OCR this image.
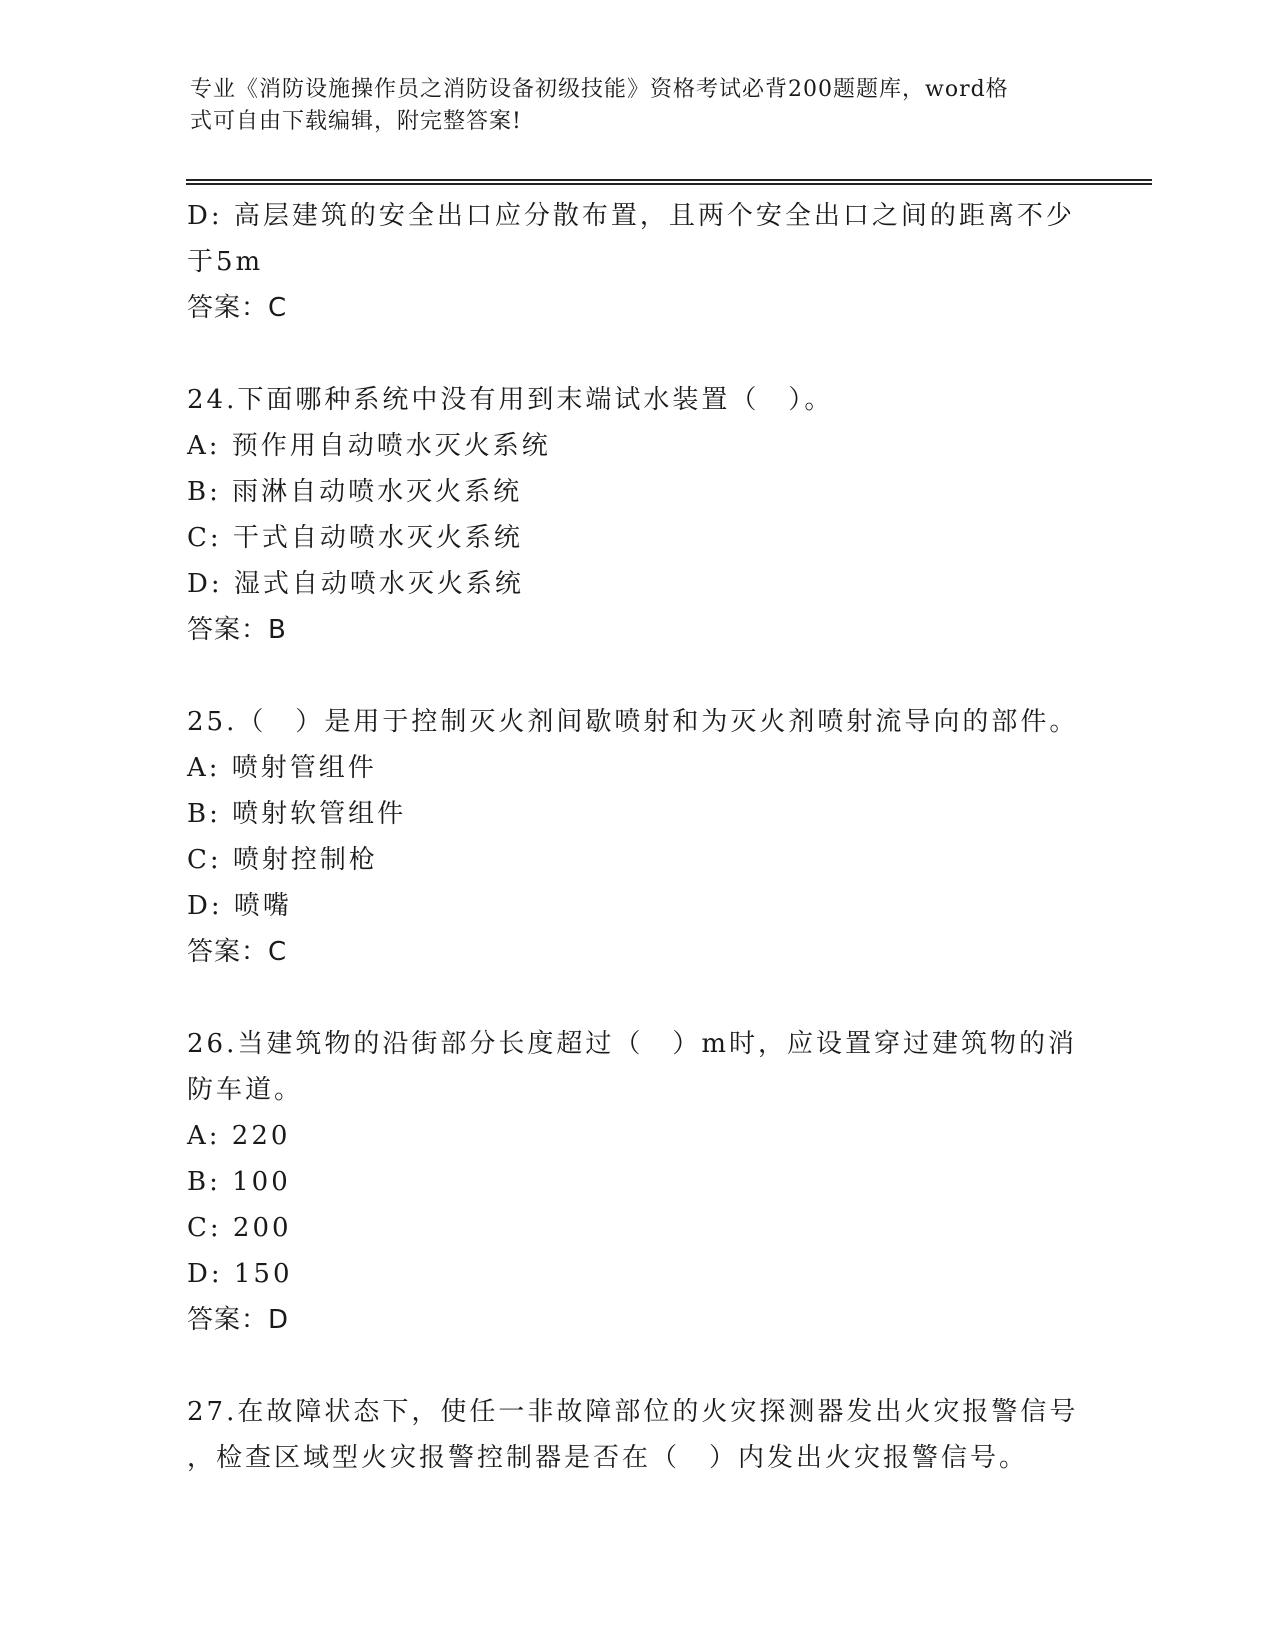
专业《消防设施操作员之消防设备初级技能》资格考试必背200题题库，word格
式可自由下载编辑，附完整答案!
D: 高层建筑的安全出口应分散布置，且两个安全出口之间的距离不少
于5m
答案：C
24.下面哪种系统中没有用到末端试水装置（　）。
A: 预作用自动喷水灭火系统
B: 雨淋自动喷水灭火系统
C: 干式自动喷水灭火系统
D: 湿式自动喷水灭火系统
答案：B
25.（　）是用于控制灭火剂间歇喷射和为灭火剂喷射流导向的部件。
A: 喷射管组件
B: 喷射软管组件
C: 喷射控制枪
D: 喷嘴
答案：C
26.当建筑物的沿街部分长度超过（　）m时，应设置穿过建筑物的消
防车道。
A: 220
B: 100
C: 200
D: 150
答案：D
27.在故障状态下，使任一非故障部位的火灾探测器发出火灾报警信号
，检查区域型火灾报警控制器是否在（　）内发出火灾报警信号。
